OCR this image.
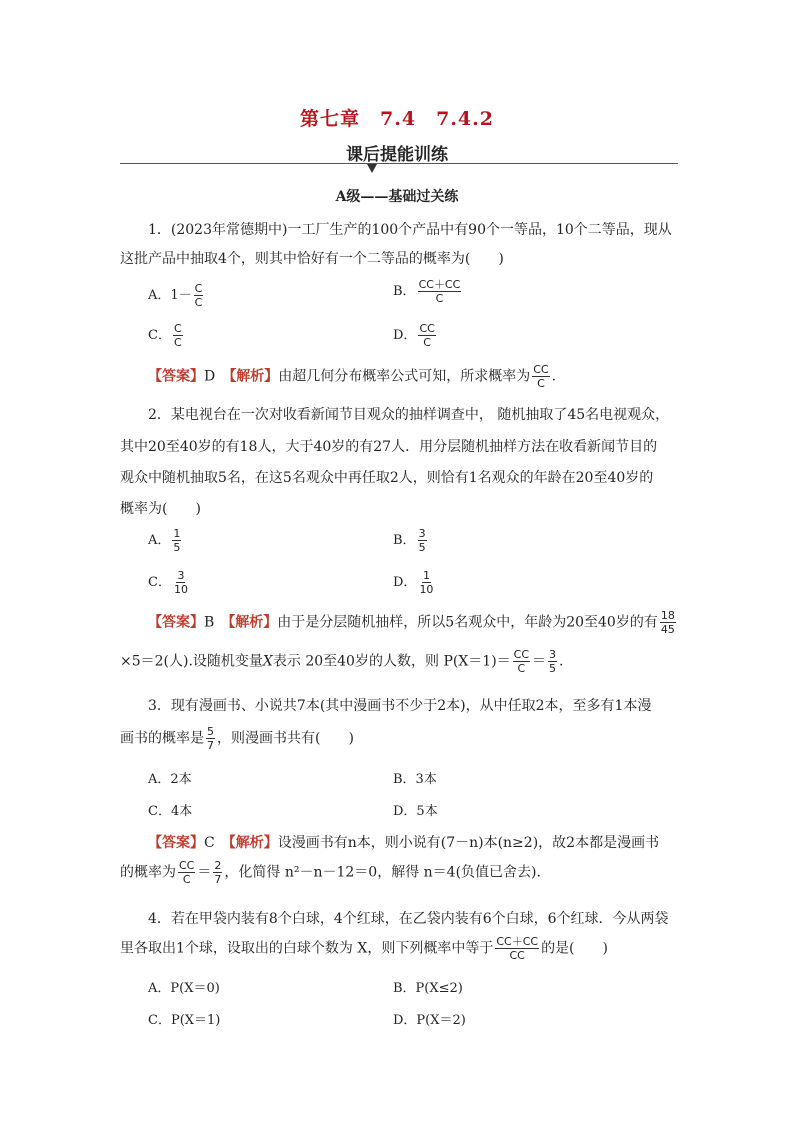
第七章　7.4　7.4.2
课后提能训练
A级——基础过关练
1．(2023年常德期中)一工厂生产的100个产品中有90个一等品，10个二等品，现从
这批产品中抽取4个，则其中恰好有一个二等品的概率为(　　)
A．$1- \frac{C}{C}$	B． $\frac{CC+CC}{C}$
C． $\frac{C}{C}$	D． $\frac{CC}{C}$
【答案】D　 【解析】由超几何分布概率公式可知，所求概率为 $\frac{CC}{C}$ .
2．某电视台在一次对收看新闻节目观众的抽样调查中， 随机抽取了45名电视观众，
其中20至40岁的有18人，大于40岁的有27人．用分层随机抽样方法在收看新闻节目的
观众中随机抽取5名，在这5名观众中再任取2人，则恰有1名观众的年龄在20至40岁的
概率为(　　)
A． $\frac{1}{5}$	B． $\frac{3}{5}$
C． $\frac{3}{10}$	D． $\frac{1}{10}$
【答案】B　 【解析】由于是分层随机抽样，所以5名观众中，年龄为20至40岁的有 $\frac{18}{45}$
×5＝2(人).设随机变量X表示 20至40岁的人数，则 $P(X=1)= \frac{CC}{C} = \frac{3}{5}$ .
3．现有漫画书、小说共7本(其中漫画书不少于2本)，从中任取2本，至多有1本漫
画书的概率是 $\frac{5}{7}$ ，则漫画书共有(　　)
A．2本	B．3本
C．4本	D．5本
【答案】C　 【解析】设漫画书有n本，则小说有(7－n)本(n≥2)，故2本都是漫画书
的概率为 $\frac{CC}{C} = \frac{2}{7}$ ，化简得 n²－n－12＝0，解得 n＝4(负值已舍去).
4．若在甲袋内装有8个白球，4个红球，在乙袋内装有6个白球，6个红球．今从两袋
里各取出1个球，设取出的白球个数为 X，则下列概率中等于 $\frac{CC+CC}{CC}$ 的是(　　)
A．P(X＝0)	B．P(X≤2)
C．P(X＝1)	D．P(X＝2)
